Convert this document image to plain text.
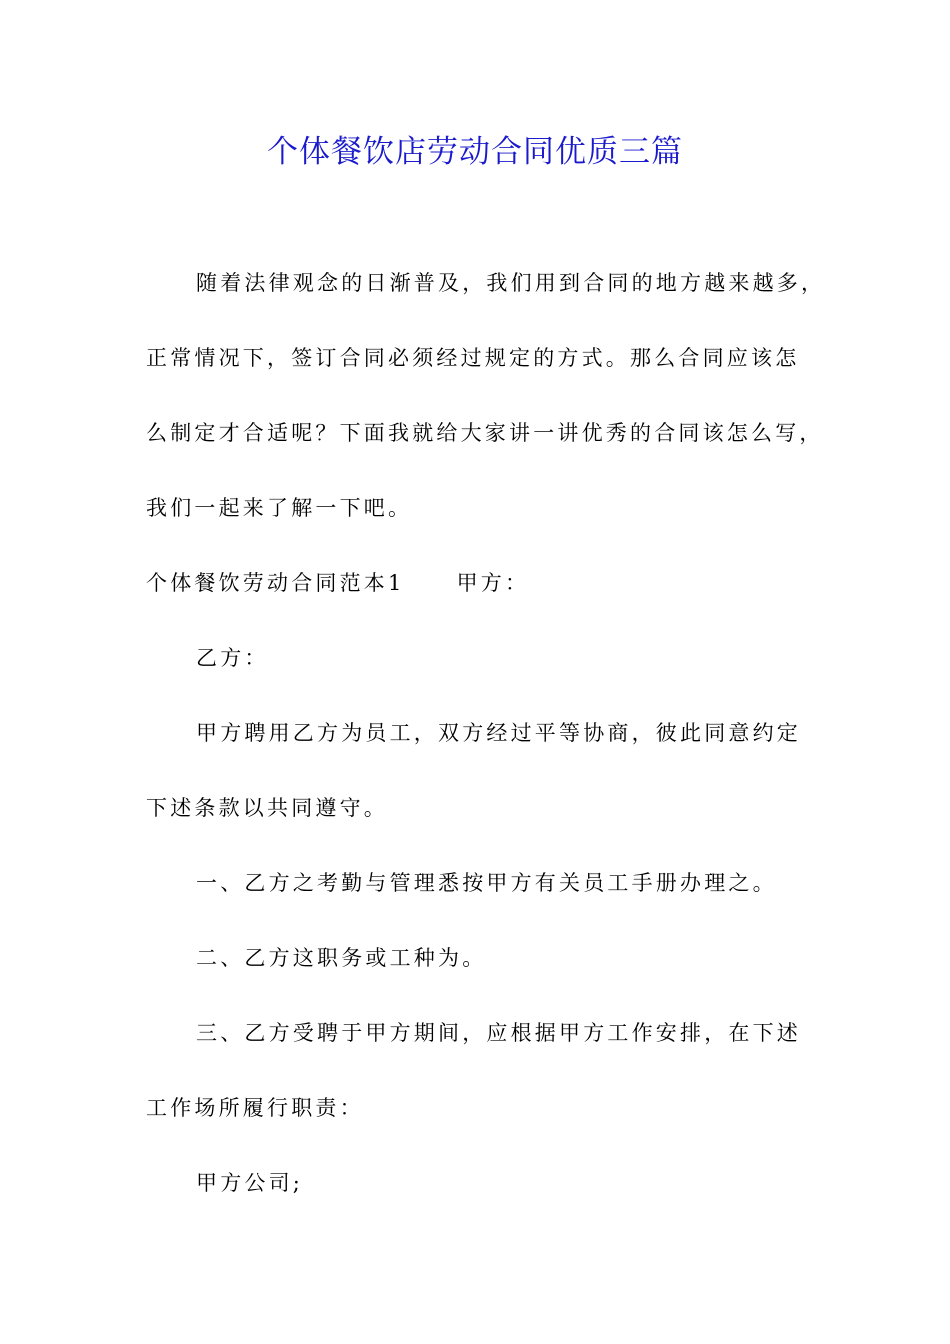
个体餐饮店劳动合同优质三篇
随着法律观念的日渐普及，我们用到合同的地方越来越多，
正常情况下，签订合同必须经过规定的方式。那么合同应该怎
么制定才合适呢？下面我就给大家讲一讲优秀的合同该怎么写，
我们一起来了解一下吧。
个体餐饮劳动合同范本1 甲方：
乙方：
甲方聘用乙方为员工，双方经过平等协商，彼此同意约定
下述条款以共同遵守。
一、乙方之考勤与管理悉按甲方有关员工手册办理之。
二、乙方这职务或工种为。
三、乙方受聘于甲方期间，应根据甲方工作安排，在下述
工作场所履行职责：
甲方公司;
